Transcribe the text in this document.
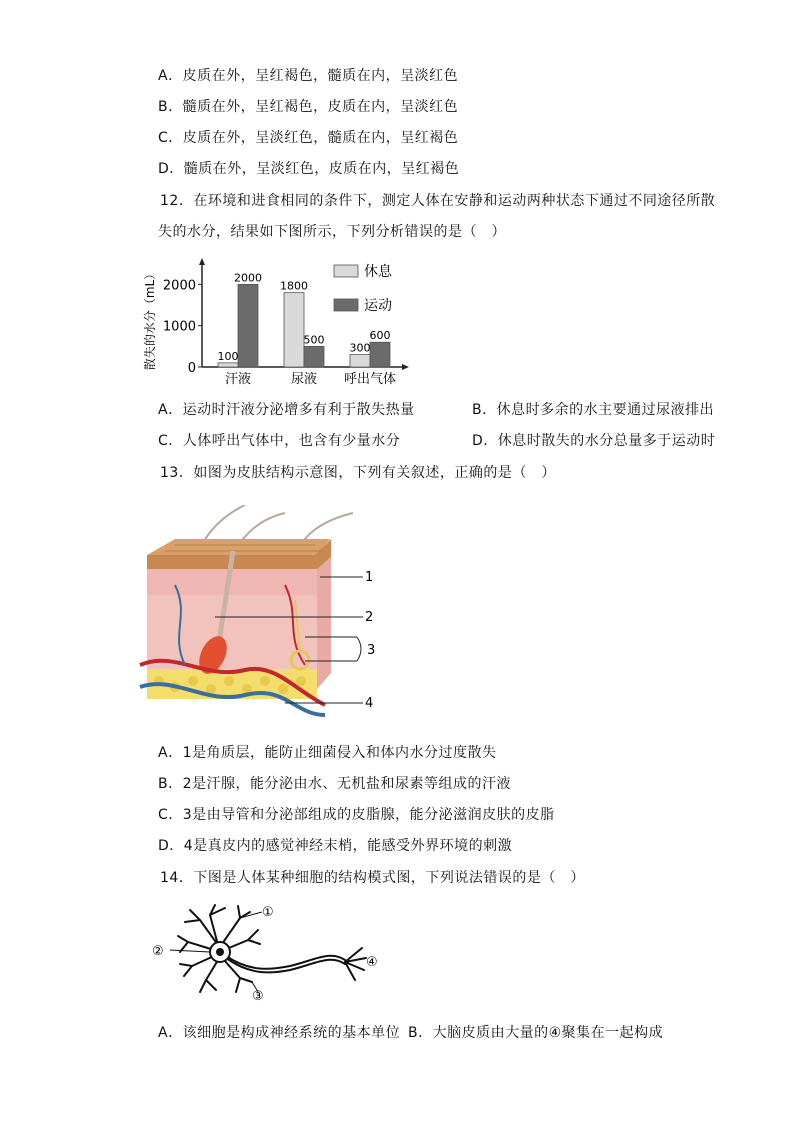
A．皮质在外，呈红褐色，髓质在内，呈淡红色
B．髓质在外，呈红褐色，皮质在内，呈淡红色
C．皮质在外，呈淡红色，髓质在内，呈红褐色
D．髓质在外，呈淡红色，皮质在内，呈红褐色
12．在环境和进食相同的条件下，测定人体在安静和运动两种状态下通过不同途径所散
失的水分，结果如下图所示，下列分析错误的是（　）
散失的水分（mL） 0
1000
2000
100
2000
汗液
1800
500
尿液
300
600
呼出气体
休息
运动
A．运动时汗液分泌增多有利于散失热量	B．休息时多余的水主要通过尿液排出
C．人体呼出气体中，也含有少量水分	D．休息时散失的水分总量多于运动时
13．如图为皮肤结构示意图，下列有关叙述，正确的是（　）
1
2
3
4
A．1是角质层，能防止细菌侵入和体内水分过度散失
B．2是汗腺，能分泌由水、无机盐和尿素等组成的汗液
C．3是由导管和分泌部组成的皮脂腺，能分泌滋润皮肤的皮脂
D．4是真皮内的感觉神经末梢，能感受外界环境的刺激
14．下图是人体某种细胞的结构模式图，下列说法错误的是（　）
①
②
③
④
A．该细胞是构成神经系统的基本单位 B．大脑皮质由大量的④聚集在一起构成
